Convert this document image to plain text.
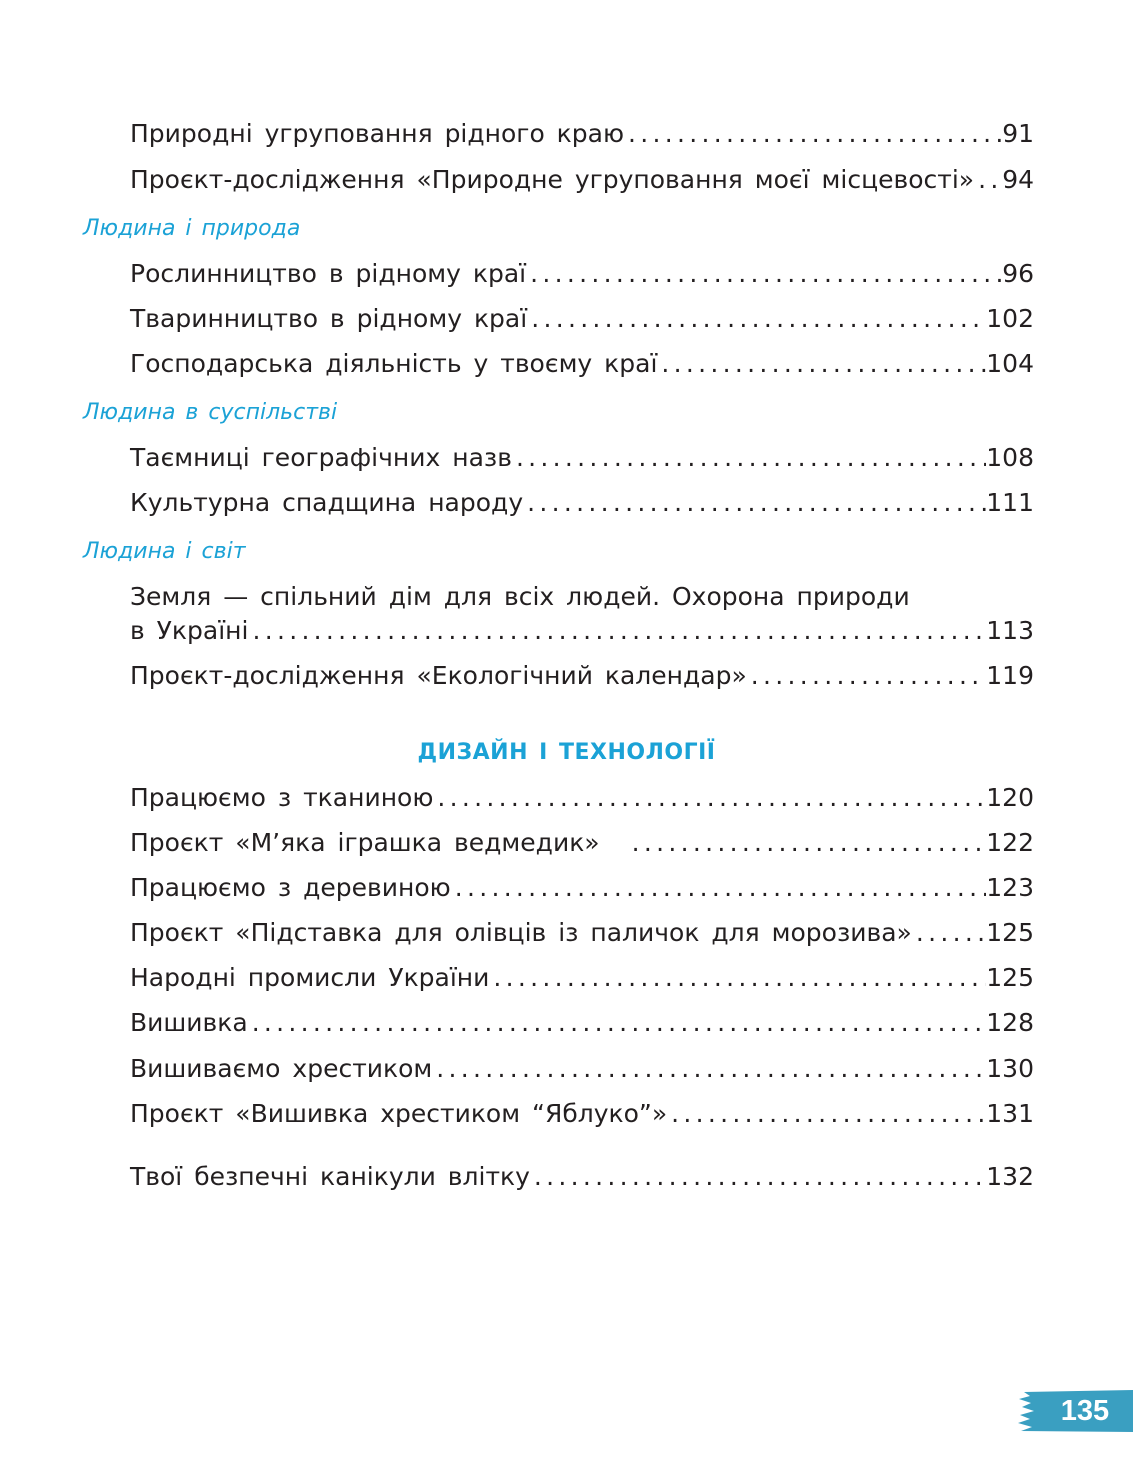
Природні угруповання рідного краю .....	91
Проєкт-дослідження «Природне угруповання моєї місцевості» ..... 94
Людина і природа
Рослинництво в рідному краї .....	96
Тваринництво в рідному краї .....	102
Господарська діяльність у твоєму краї .....	104
Людина в суспільстві
Таємниці географічних назв .....	108
Культурна спадщина народу .....	111
Людина і світ
Земля — спільний дім для всіх людей. Охорона природи
в Україні .....	113
Проєкт-дослідження «Екологічний календар» .....	119
ДИЗАЙН І ТЕХНОЛОГІЇ
Працюємо з тканиною .....	120
Проєкт «М’яка іграшка ведмедик» .....	122
Працюємо з деревиною .....	123
Проєкт «Підставка для олівців із паличок для морозива» .....	125
Народні промисли України .....	125
Вишивка .....	128
Вишиваємо хрестиком .....	130
Проєкт «Вишивка хрестиком “Яблуко”» .....	131
Твої безпечні канікули влітку .....	132
135
